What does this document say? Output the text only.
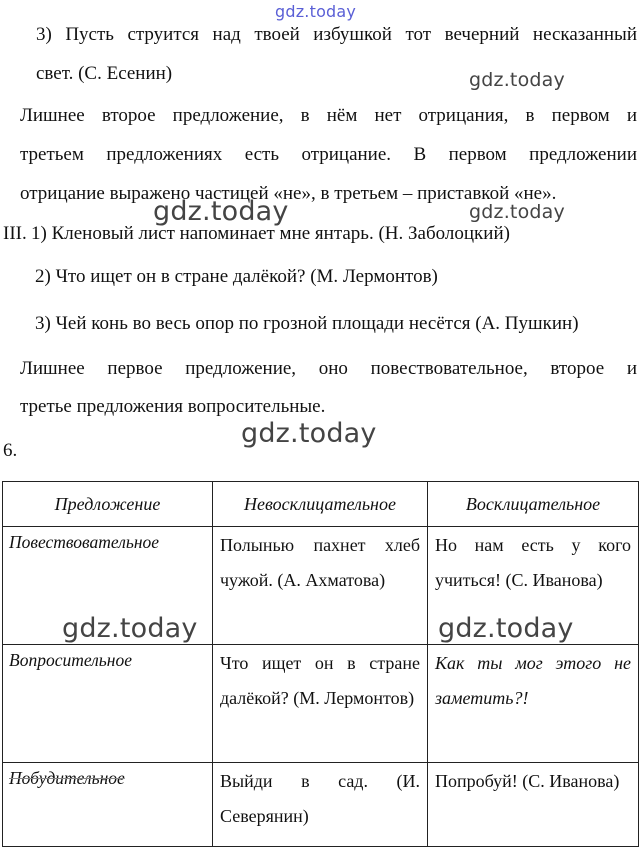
gdz.today
3) Пусть струится над твоей избушкой тот вечерний несказанный
свет. (С. Есенин)	gdz.today
Лишнее второе предложение, в нём нет отрицания, в первом и
третьем предложениях есть отрицание. В первом предложении
отрицание выражено частицей «не», в третьем – приставкой «не».
gdz.today	gdz.today
III. 1) Кленовый лист напоминает мне янтарь. (Н. Заболоцкий)
2) Что ищет он в стране далёкой? (М. Лермонтов)
3) Чей конь во весь опор по грозной площади несётся (А. Пушкин)
Лишнее первое предложение, оно повествовательное, второе и
третье предложения вопросительные.
gdz.today
6.
Предложение	Невосклицательное	Восклицательное
Повествовательное	Полынью пахнет хлеб чужой. (А. Ахматова)	Но нам есть у кого учиться! (С. Иванова)
Вопросительное	Что ищет он в стране далёкой? (М. Лермонтов)	Как ты мог этого не заметить?!
Побудительное	Выйди в сад. (И. Северянин)	Попробуй! (С. Иванова)
gdz.today	gdz.today
